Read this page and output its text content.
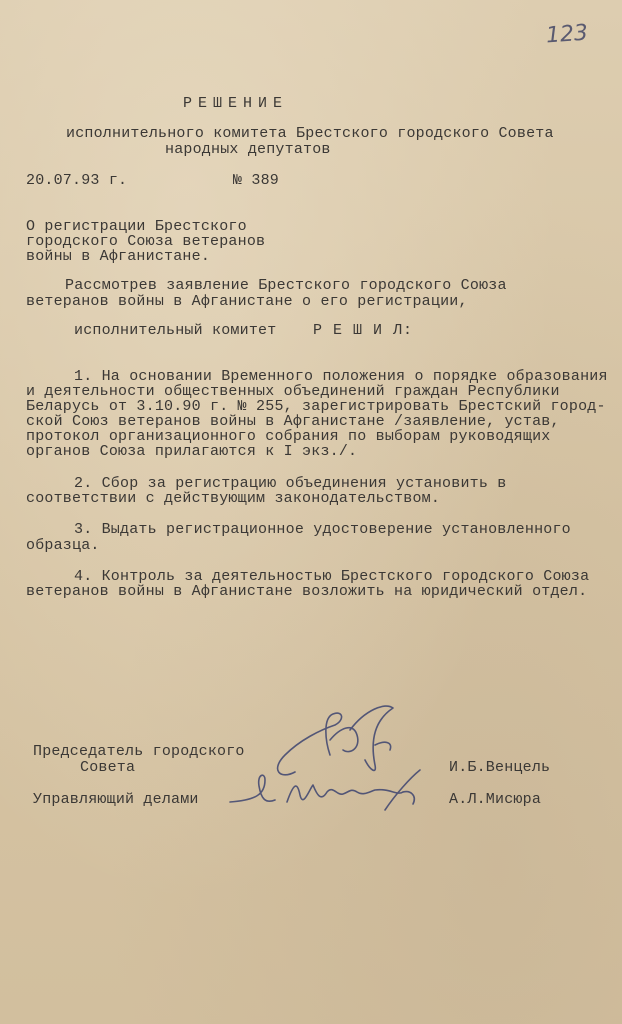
123
РЕШЕНИЕ
исполнительного комитета Брестского городского Совета
народных депутатов
20.07.93 г.	№ 389
О регистрации Брестского
городского Союза ветеранов
войны в Афганистане.
Рассмотрев заявление Брестского городского Союза
ветеранов войны в Афганистане о его регистрации,
исполнительный комитет Р Е Ш И Л:
1. На основании Временного положения о порядке образования
и деятельности общественных объединений граждан Республики
Беларусь от 3.10.90 г. № 255, зарегистрировать Брестский город-
ской Союз ветеранов войны в Афганистане /заявление, устав,
протокол организационного собрания по выборам руководящих
органов Союза прилагаются к I экз./.
2. Сбор за регистрацию объединения установить в
соответствии с действующим законодательством.
3. Выдать регистрационное удостоверение установленного
образца.
4. Контроль за деятельностью Брестского городского Союза
ветеранов войны в Афганистане возложить на юридический отдел.
Председатель городского
Совета	И.Б.Венцель
Управляющий делами	А.Л.Мисюра
